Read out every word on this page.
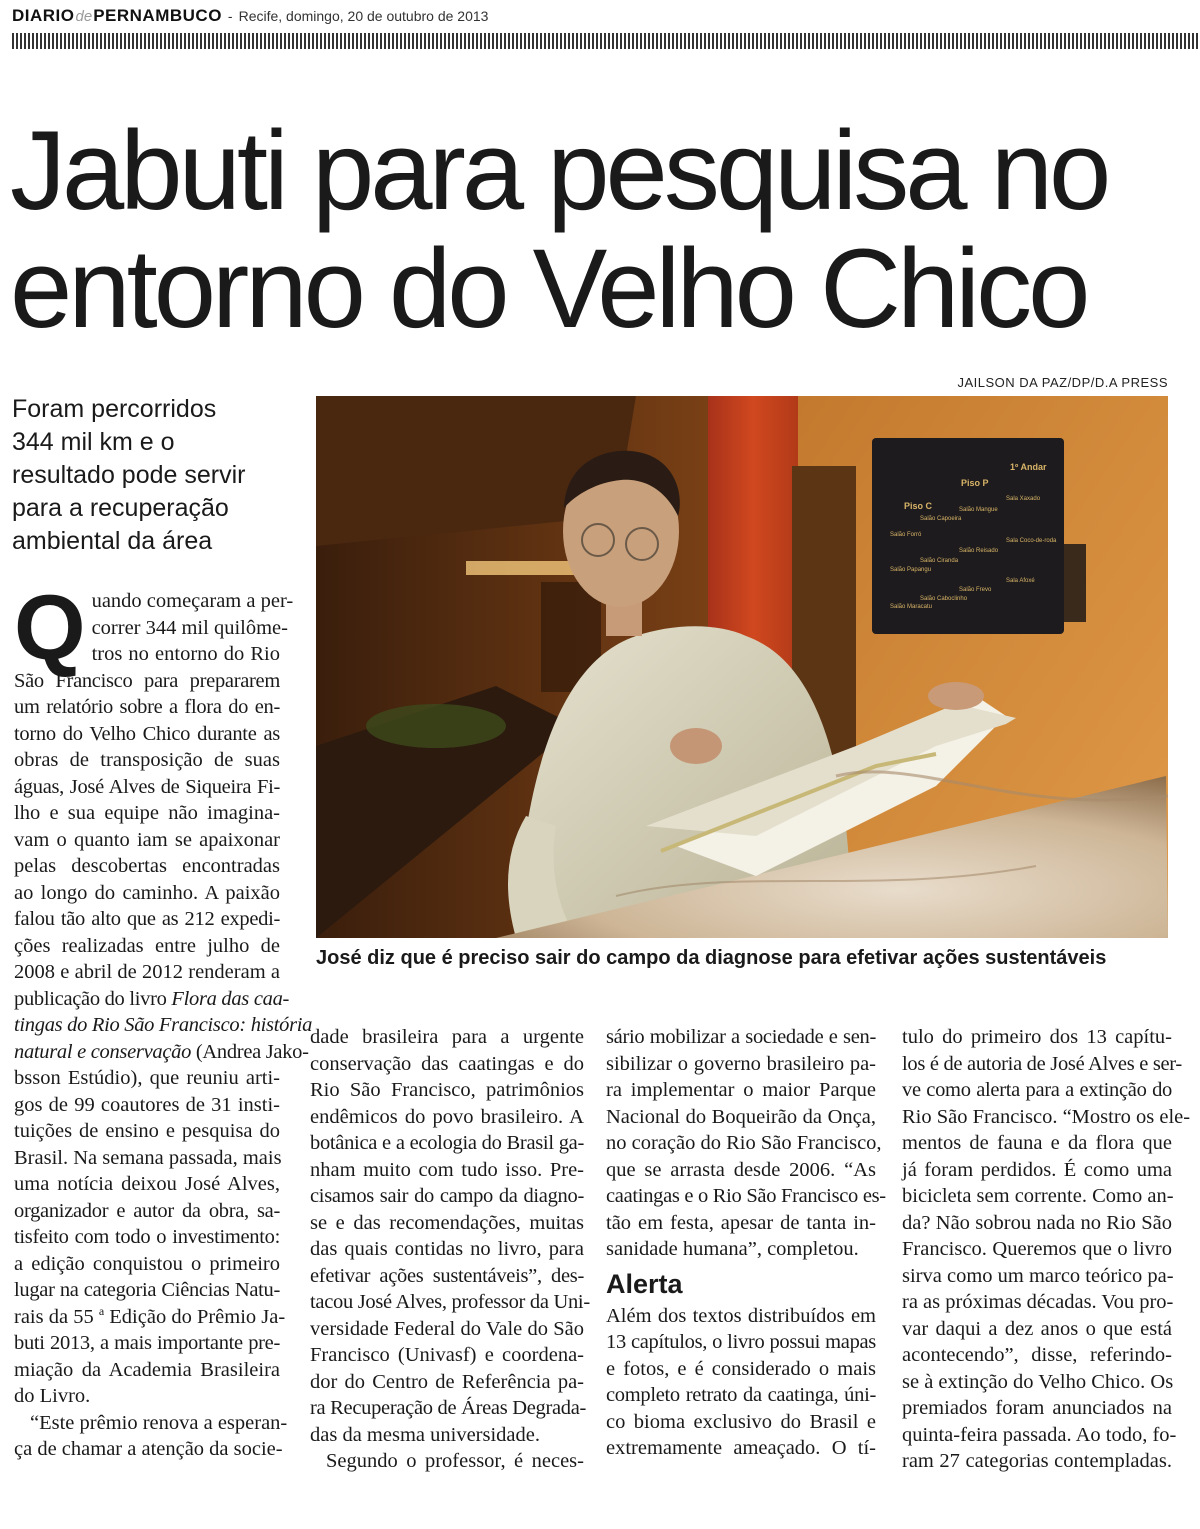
DIARIO de PERNAMBUCO - Recife, domingo, 20 de outubro de 2013
Jabuti para pesquisa no
entorno do Velho Chico
JAILSON DA PAZ/DP/D.A PRESS
Foram percorridos
344 mil km e o
resultado pode servir
para a recuperação
ambiental da área
Piso C
Piso P
1º Andar
Salão Forró
Salão Capoeira
Salão Mangue
Sala Xaxado
Salão Frevo
Salão Papangu
Salão Ciranda
Salão Reisado
Sala Coco-de-roda
Salão Maracatu
Salão Caboclinho
Sala Afoxé
José diz que é preciso sair do campo da diagnose para efetivar ações sustentáveis
Q uando começaram a per-
correr 344 mil quilôme-
tros no entorno do Rio
São Francisco para prepararem
um relatório sobre a flora do en-
torno do Velho Chico durante as
obras de transposição de suas
águas, José Alves de Siqueira Fi-
lho e sua equipe não imagina-
vam o quanto iam se apaixonar
pelas descobertas encontradas
ao longo do caminho. A paixão
falou tão alto que as 212 expedi-
ções realizadas entre julho de
2008 e abril de 2012 renderam a
publicação do livro Flora das caa-
tingas do Rio São Francisco: história
natural e conservação (Andrea Jako-
bsson Estúdio), que reuniu arti-
gos de 99 coautores de 31 insti-
tuições de ensino e pesquisa do
Brasil. Na semana passada, mais
uma notícia deixou José Alves,
organizador e autor da obra, sa-
tisfeito com todo o investimento:
a edição conquistou o primeiro
lugar na categoria Ciências Natu-
rais da 55 $^a$ Edição do Prêmio Ja-
buti 2013, a mais importante pre-
miação da Academia Brasileira
do Livro.
“Este prêmio renova a esperan-
ça de chamar a atenção da socie-
dade brasileira para a urgente
conservação das caatingas e do
Rio São Francisco, patrimônios
endêmicos do povo brasileiro. A
botânica e a ecologia do Brasil ga-
nham muito com tudo isso. Pre-
cisamos sair do campo da diagno-
se e das recomendações, muitas
das quais contidas no livro, para
efetivar ações sustentáveis”, des-
tacou José Alves, professor da Uni-
versidade Federal do Vale do São
Francisco (Univasf) e coordena-
dor do Centro de Referência pa-
ra Recuperação de Áreas Degrada-
das da mesma universidade.
Segundo o professor, é neces-
sário mobilizar a sociedade e sen-
sibilizar o governo brasileiro pa-
ra implementar o maior Parque
Nacional do Boqueirão da Onça,
no coração do Rio São Francisco,
que se arrasta desde 2006. “As
caatingas e o Rio São Francisco es-
tão em festa, apesar de tanta in-
sanidade humana”, completou.
Alerta
Além dos textos distribuídos em
13 capítulos, o livro possui mapas
e fotos, e é considerado o mais
completo retrato da caatinga, úni-
co bioma exclusivo do Brasil e
extremamente ameaçado. O tí-
tulo do primeiro dos 13 capítu-
los é de autoria de José Alves e ser-
ve como alerta para a extinção do
Rio São Francisco. “Mostro os ele-
mentos de fauna e da flora que
já foram perdidos. É como uma
bicicleta sem corrente. Como an-
da? Não sobrou nada no Rio São
Francisco. Queremos que o livro
sirva como um marco teórico pa-
ra as próximas décadas. Vou pro-
var daqui a dez anos o que está
acontecendo”, disse, referindo-
se à extinção do Velho Chico. Os
premiados foram anunciados na
quinta-feira passada. Ao todo, fo-
ram 27 categorias contempladas.
